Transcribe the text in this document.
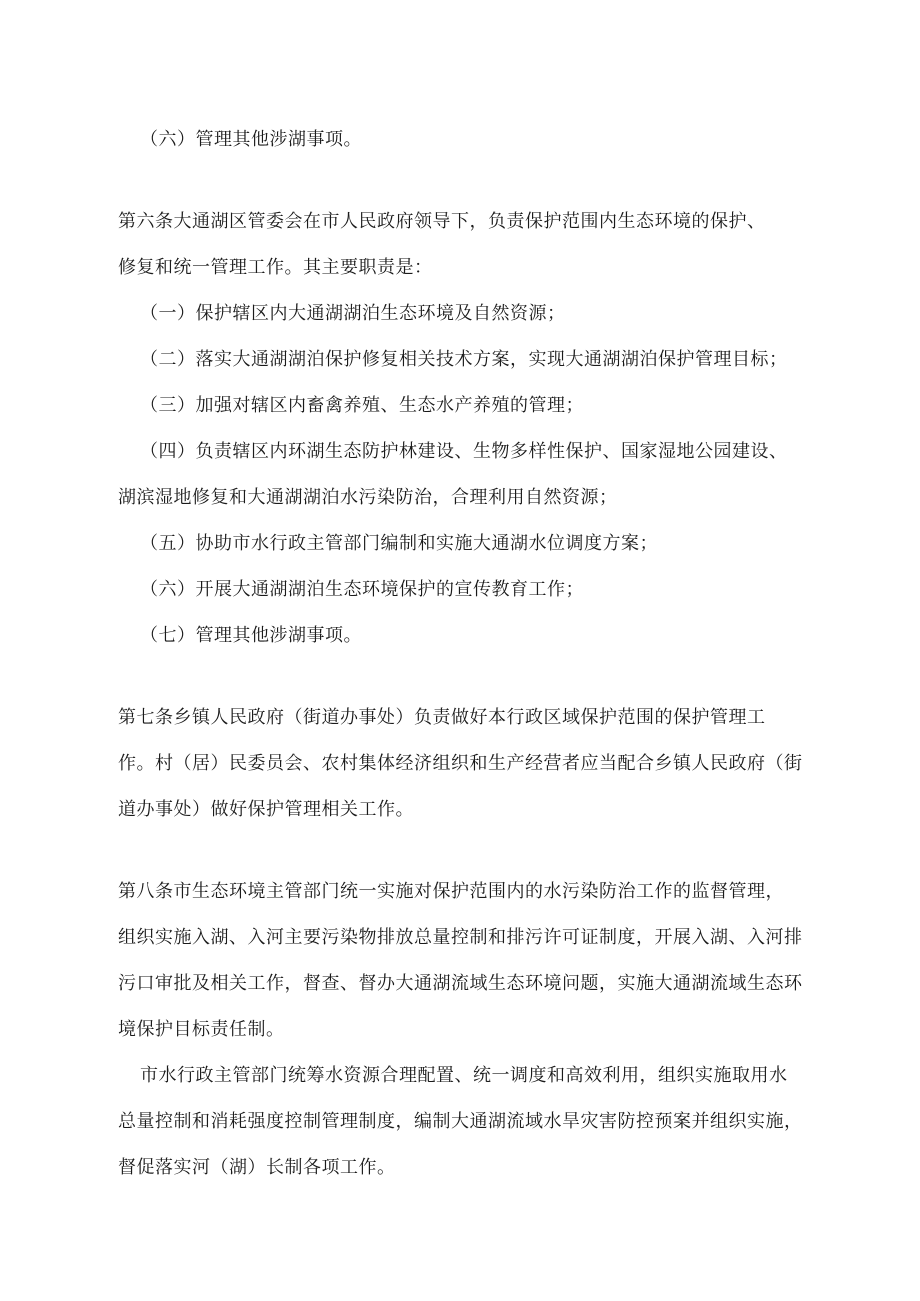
（六）管理其他涉湖事项。
第六条大通湖区管委会在市人民政府领导下，负责保护范围内生态环境的保护、
修复和统一管理工作。其主要职责是：
（一）保护辖区内大通湖湖泊生态环境及自然资源；
（二）落实大通湖湖泊保护修复相关技术方案，实现大通湖湖泊保护管理目标；
（三）加强对辖区内畜禽养殖、生态水产养殖的管理；
（四）负责辖区内环湖生态防护林建设、生物多样性保护、国家湿地公园建设、
湖滨湿地修复和大通湖湖泊水污染防治，合理利用自然资源；
（五）协助市水行政主管部门编制和实施大通湖水位调度方案；
（六）开展大通湖湖泊生态环境保护的宣传教育工作；
（七）管理其他涉湖事项。
第七条乡镇人民政府（街道办事处）负责做好本行政区域保护范围的保护管理工
作。村（居）民委员会、农村集体经济组织和生产经营者应当配合乡镇人民政府（街
道办事处）做好保护管理相关工作。
第八条市生态环境主管部门统一实施对保护范围内的水污染防治工作的监督管理，
组织实施入湖、入河主要污染物排放总量控制和排污许可证制度，开展入湖、入河排
污口审批及相关工作，督查、督办大通湖流域生态环境问题，实施大通湖流域生态环
境保护目标责任制。
市水行政主管部门统筹水资源合理配置、统一调度和高效利用，组织实施取用水
总量控制和消耗强度控制管理制度，编制大通湖流域水旱灾害防控预案并组织实施，
督促落实河（湖）长制各项工作。
